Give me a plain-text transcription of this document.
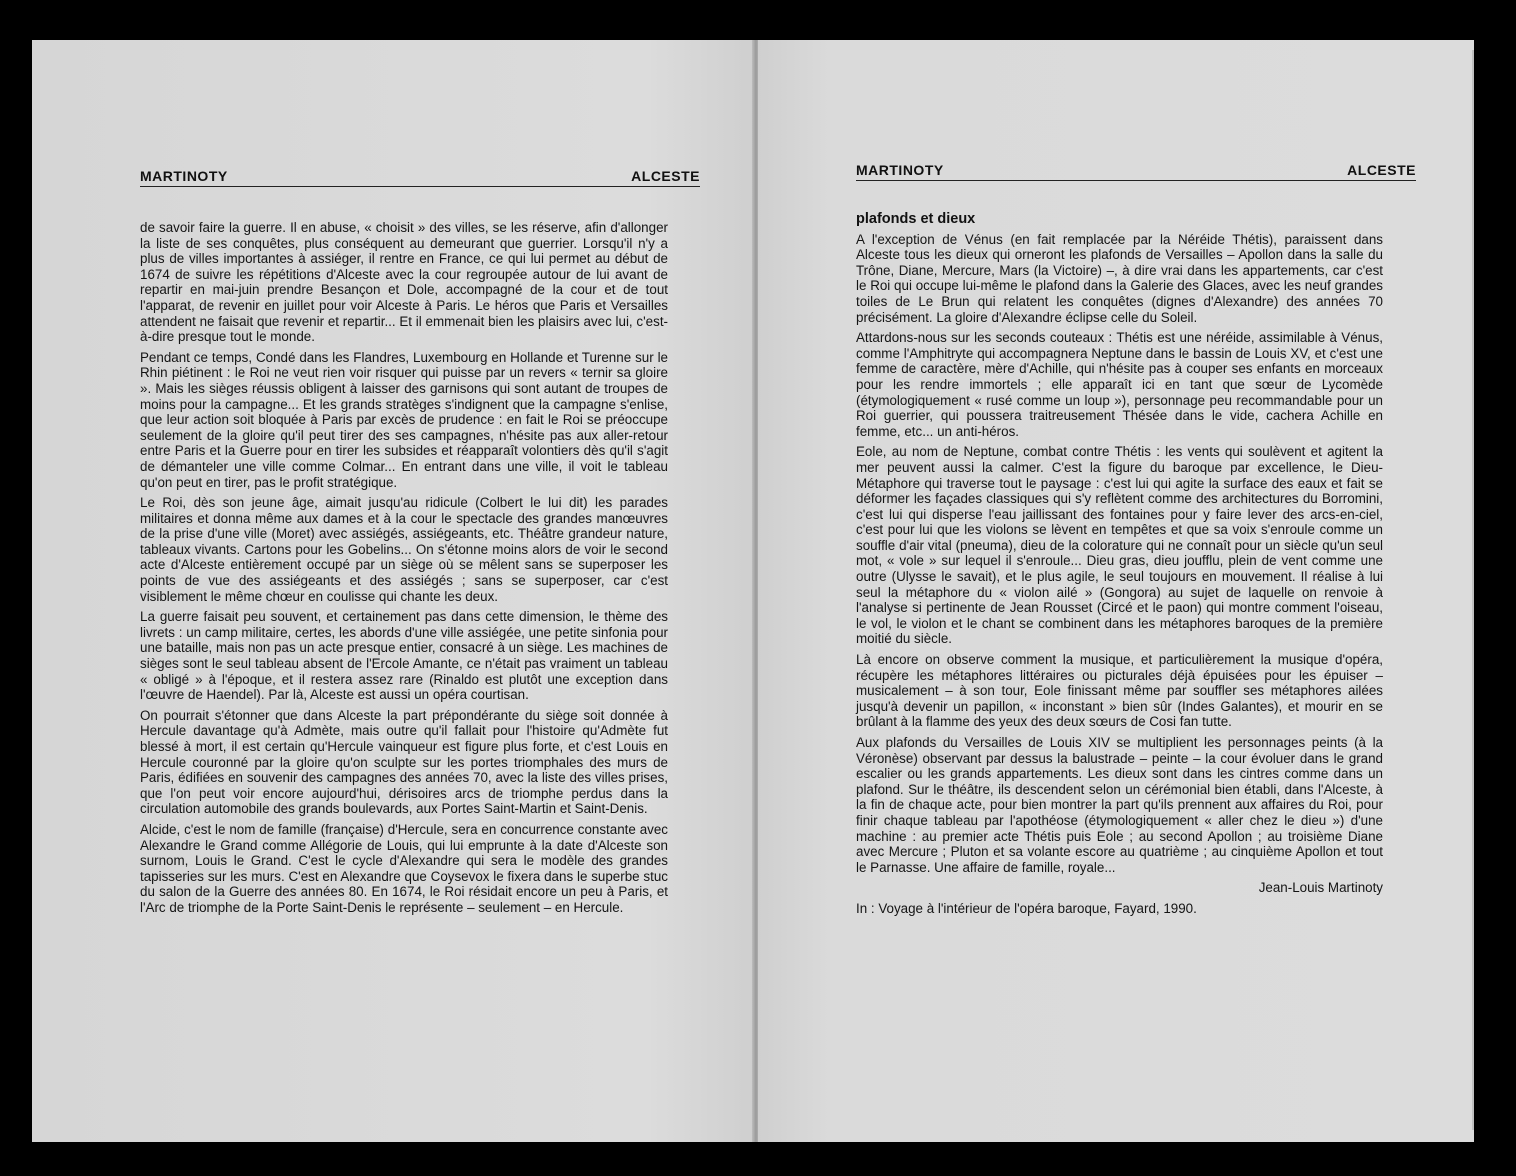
MARTINOTY	ALCESTE

de savoir faire la guerre. Il en abuse, « choisit » des villes, se les réserve, afin d'allonger la liste de ses conquêtes, plus conséquent au demeurant que guerrier. Lorsqu'il n'y a plus de villes importantes à assiéger, il rentre en France, ce qui lui permet au début de 1674 de suivre les répétitions d'Alceste avec la cour regroupée autour de lui avant de repartir en mai-juin prendre Besançon et Dole, accompagné de la cour et de tout l'apparat, de revenir en juillet pour voir Alceste à Paris. Le héros que Paris et Versailles attendent ne faisait que revenir et repartir... Et il emmenait bien les plaisirs avec lui, c'est-à-dire presque tout le monde.

Pendant ce temps, Condé dans les Flandres, Luxembourg en Hollande et Turenne sur le Rhin piétinent : le Roi ne veut rien voir risquer qui puisse par un revers « ternir sa gloire ». Mais les sièges réussis obligent à laisser des garnisons qui sont autant de troupes de moins pour la campagne... Et les grands stratèges s'indignent que la campagne s'enlise, que leur action soit bloquée à Paris par excès de prudence : en fait le Roi se préoccupe seulement de la gloire qu'il peut tirer des ses campagnes, n'hésite pas aux aller-retour entre Paris et la Guerre pour en tirer les subsides et réapparaît volontiers dès qu'il s'agit de démanteler une ville comme Colmar... En entrant dans une ville, il voit le tableau qu'on peut en tirer, pas le profit stratégique.

Le Roi, dès son jeune âge, aimait jusqu'au ridicule (Colbert le lui dit) les parades militaires et donna même aux dames et à la cour le spectacle des grandes manœuvres de la prise d'une ville (Moret) avec assiégés, assiégeants, etc. Théâtre grandeur nature, tableaux vivants. Cartons pour les Gobelins... On s'étonne moins alors de voir le second acte d'Alceste entièrement occupé par un siège où se mêlent sans se superposer les points de vue des assiégeants et des assiégés ; sans se superposer, car c'est visiblement le même chœur en coulisse qui chante les deux.

La guerre faisait peu souvent, et certainement pas dans cette dimension, le thème des livrets : un camp militaire, certes, les abords d'une ville assiégée, une petite sinfonia pour une bataille, mais non pas un acte presque entier, consacré à un siège. Les machines de sièges sont le seul tableau absent de l'Ercole Amante, ce n'était pas vraiment un tableau « obligé » à l'époque, et il restera assez rare (Rinaldo est plutôt une exception dans l'œuvre de Haendel). Par là, Alceste est aussi un opéra courtisan.

On pourrait s'étonner que dans Alceste la part prépondérante du siège soit donnée à Hercule davantage qu'à Admète, mais outre qu'il fallait pour l'histoire qu'Admète fut blessé à mort, il est certain qu'Hercule vainqueur est figure plus forte, et c'est Louis en Hercule couronné par la gloire qu'on sculpte sur les portes triomphales des murs de Paris, édifiées en souvenir des campagnes des années 70, avec la liste des villes prises, que l'on peut voir encore aujourd'hui, dérisoires arcs de triomphe perdus dans la circulation automobile des grands boulevards, aux Portes Saint-Martin et Saint-Denis.

Alcide, c'est le nom de famille (française) d'Hercule, sera en concurrence constante avec Alexandre le Grand comme Allégorie de Louis, qui lui emprunte à la date d'Alceste son surnom, Louis le Grand. C'est le cycle d'Alexandre qui sera le modèle des grandes tapisseries sur les murs. C'est en Alexandre que Coysevox le fixera dans le superbe stuc du salon de la Guerre des années 80. En 1674, le Roi résidait encore un peu à Paris, et l'Arc de triomphe de la Porte Saint-Denis le représente – seulement – en Hercule.

MARTINOTY	ALCESTE
plafonds et dieux

A l'exception de Vénus (en fait remplacée par la Néréide Thétis), paraissent dans Alceste tous les dieux qui orneront les plafonds de Versailles – Apollon dans la salle du Trône, Diane, Mercure, Mars (la Victoire) –, à dire vrai dans les appartements, car c'est le Roi qui occupe lui-même le plafond dans la Galerie des Glaces, avec les neuf grandes toiles de Le Brun qui relatent les conquêtes (dignes d'Alexandre) des années 70 précisément. La gloire d'Alexandre éclipse celle du Soleil.

Attardons-nous sur les seconds couteaux : Thétis est une néréide, assimilable à Vénus, comme l'Amphitryte qui accompagnera Neptune dans le bassin de Louis XV, et c'est une femme de caractère, mère d'Achille, qui n'hésite pas à couper ses enfants en morceaux pour les rendre immortels ; elle apparaît ici en tant que sœur de Lycomède (étymologiquement « rusé comme un loup »), personnage peu recommandable pour un Roi guerrier, qui poussera traitreusement Thésée dans le vide, cachera Achille en femme, etc... un anti-héros.

Eole, au nom de Neptune, combat contre Thétis : les vents qui soulèvent et agitent la mer peuvent aussi la calmer. C'est la figure du baroque par excellence, le Dieu-Métaphore qui traverse tout le paysage : c'est lui qui agite la surface des eaux et fait se déformer les façades classiques qui s'y reflètent comme des architectures du Borromini, c'est lui qui disperse l'eau jaillissant des fontaines pour y faire lever des arcs-en-ciel, c'est pour lui que les violons se lèvent en tempêtes et que sa voix s'enroule comme un souffle d'air vital (pneuma), dieu de la colorature qui ne connaît pour un siècle qu'un seul mot, « vole » sur lequel il s'enroule... Dieu gras, dieu joufflu, plein de vent comme une outre (Ulysse le savait), et le plus agile, le seul toujours en mouvement. Il réalise à lui seul la métaphore du « violon ailé » (Gongora) au sujet de laquelle on renvoie à l'analyse si pertinente de Jean Rousset (Circé et le paon) qui montre comment l'oiseau, le vol, le violon et le chant se combinent dans les métaphores baroques de la première moitié du siècle.

Là encore on observe comment la musique, et particulièrement la musique d'opéra, récupère les métaphores littéraires ou picturales déjà épuisées pour les épuiser – musicalement – à son tour, Eole finissant même par souffler ses métaphores ailées jusqu'à devenir un papillon, « inconstant » bien sûr (Indes Galantes), et mourir en se brûlant à la flamme des yeux des deux sœurs de Cosi fan tutte.

Aux plafonds du Versailles de Louis XIV se multiplient les personnages peints (à la Véronèse) observant par dessus la balustrade – peinte – la cour évoluer dans le grand escalier ou les grands appartements. Les dieux sont dans les cintres comme dans un plafond. Sur le théâtre, ils descendent selon un cérémonial bien établi, dans l'Alceste, à la fin de chaque acte, pour bien montrer la part qu'ils prennent aux affaires du Roi, pour finir chaque tableau par l'apothéose (étymologiquement « aller chez le dieu ») d'une machine : au premier acte Thétis puis Eole ; au second Apollon ; au troisième Diane avec Mercure ; Pluton et sa volante escore au quatrième ; au cinquième Apollon et tout le Parnasse. Une affaire de famille, royale...

Jean-Louis Martinoty

In : Voyage à l'intérieur de l'opéra baroque, Fayard, 1990.
